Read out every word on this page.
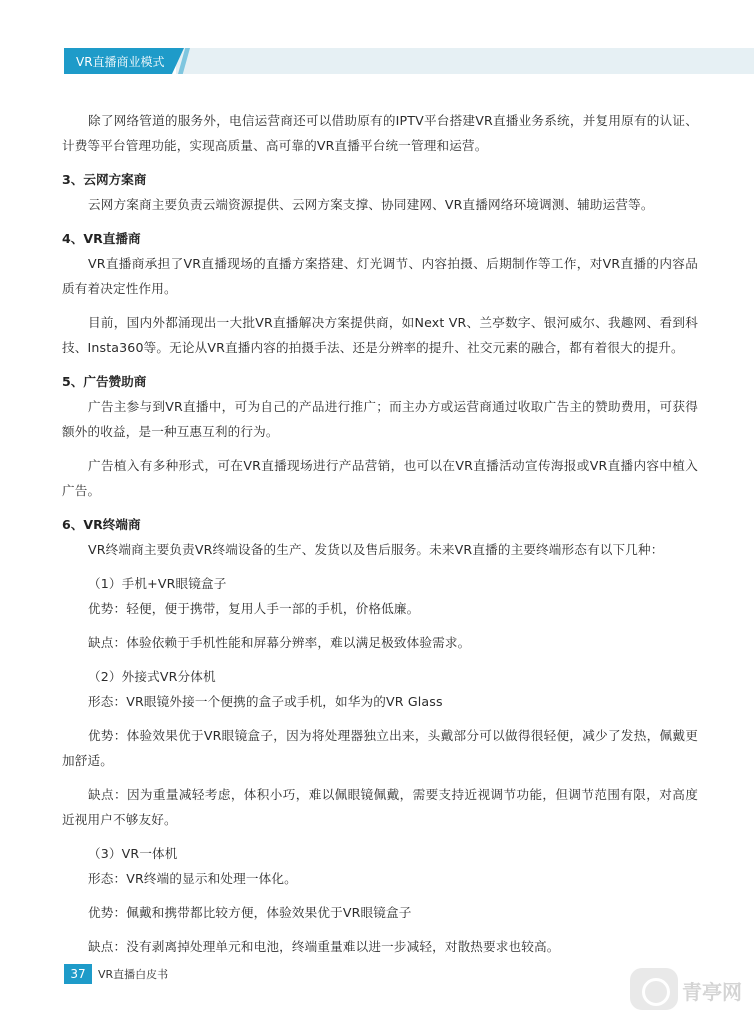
VR直播商业模式

除了网络管道的服务外，电信运营商还可以借助原有的IPTV平台搭建VR直播业务系统，并复用原有的认证、计费等平台管理功能，实现高质量、高可靠的VR直播平台统一管理和运营。

3、云网方案商

云网方案商主要负责云端资源提供、云网方案支撑、协同建网、VR直播网络环境调测、辅助运营等。

4、VR直播商

VR直播商承担了VR直播现场的直播方案搭建、灯光调节、内容拍摄、后期制作等工作，对VR直播的内容品质有着决定性作用。

目前，国内外都涌现出一大批VR直播解决方案提供商，如Next VR、兰亭数字、银河威尔、我趣网、看到科技、Insta360等。无论从VR直播内容的拍摄手法、还是分辨率的提升、社交元素的融合，都有着很大的提升。

5、广告赞助商

广告主参与到VR直播中，可为自己的产品进行推广；而主办方或运营商通过收取广告主的赞助费用，可获得额外的收益，是一种互惠互利的行为。

广告植入有多种形式，可在VR直播现场进行产品营销，也可以在VR直播活动宣传海报或VR直播内容中植入广告。

6、VR终端商

VR终端商主要负责VR终端设备的生产、发货以及售后服务。未来VR直播的主要终端形态有以下几种：

（1）手机+VR眼镜盒子

优势：轻便，便于携带，复用人手一部的手机，价格低廉。

缺点：体验依赖于手机性能和屏幕分辨率，难以满足极致体验需求。

（2）外接式VR分体机

形态：VR眼镜外接一个便携的盒子或手机，如华为的VR Glass

优势：体验效果优于VR眼镜盒子，因为将处理器独立出来，头戴部分可以做得很轻便，减少了发热，佩戴更加舒适。

缺点：因为重量减轻考虑，体积小巧，难以佩眼镜佩戴，需要支持近视调节功能，但调节范围有限，对高度近视用户不够友好。

（3）VR一体机

形态：VR终端的显示和处理一体化。

优势：佩戴和携带都比较方便，体验效果优于VR眼镜盒子

缺点：没有剥离掉处理单元和电池，终端重量难以进一步减轻，对散热要求也较高。

37	VR直播白皮书
青亭网
